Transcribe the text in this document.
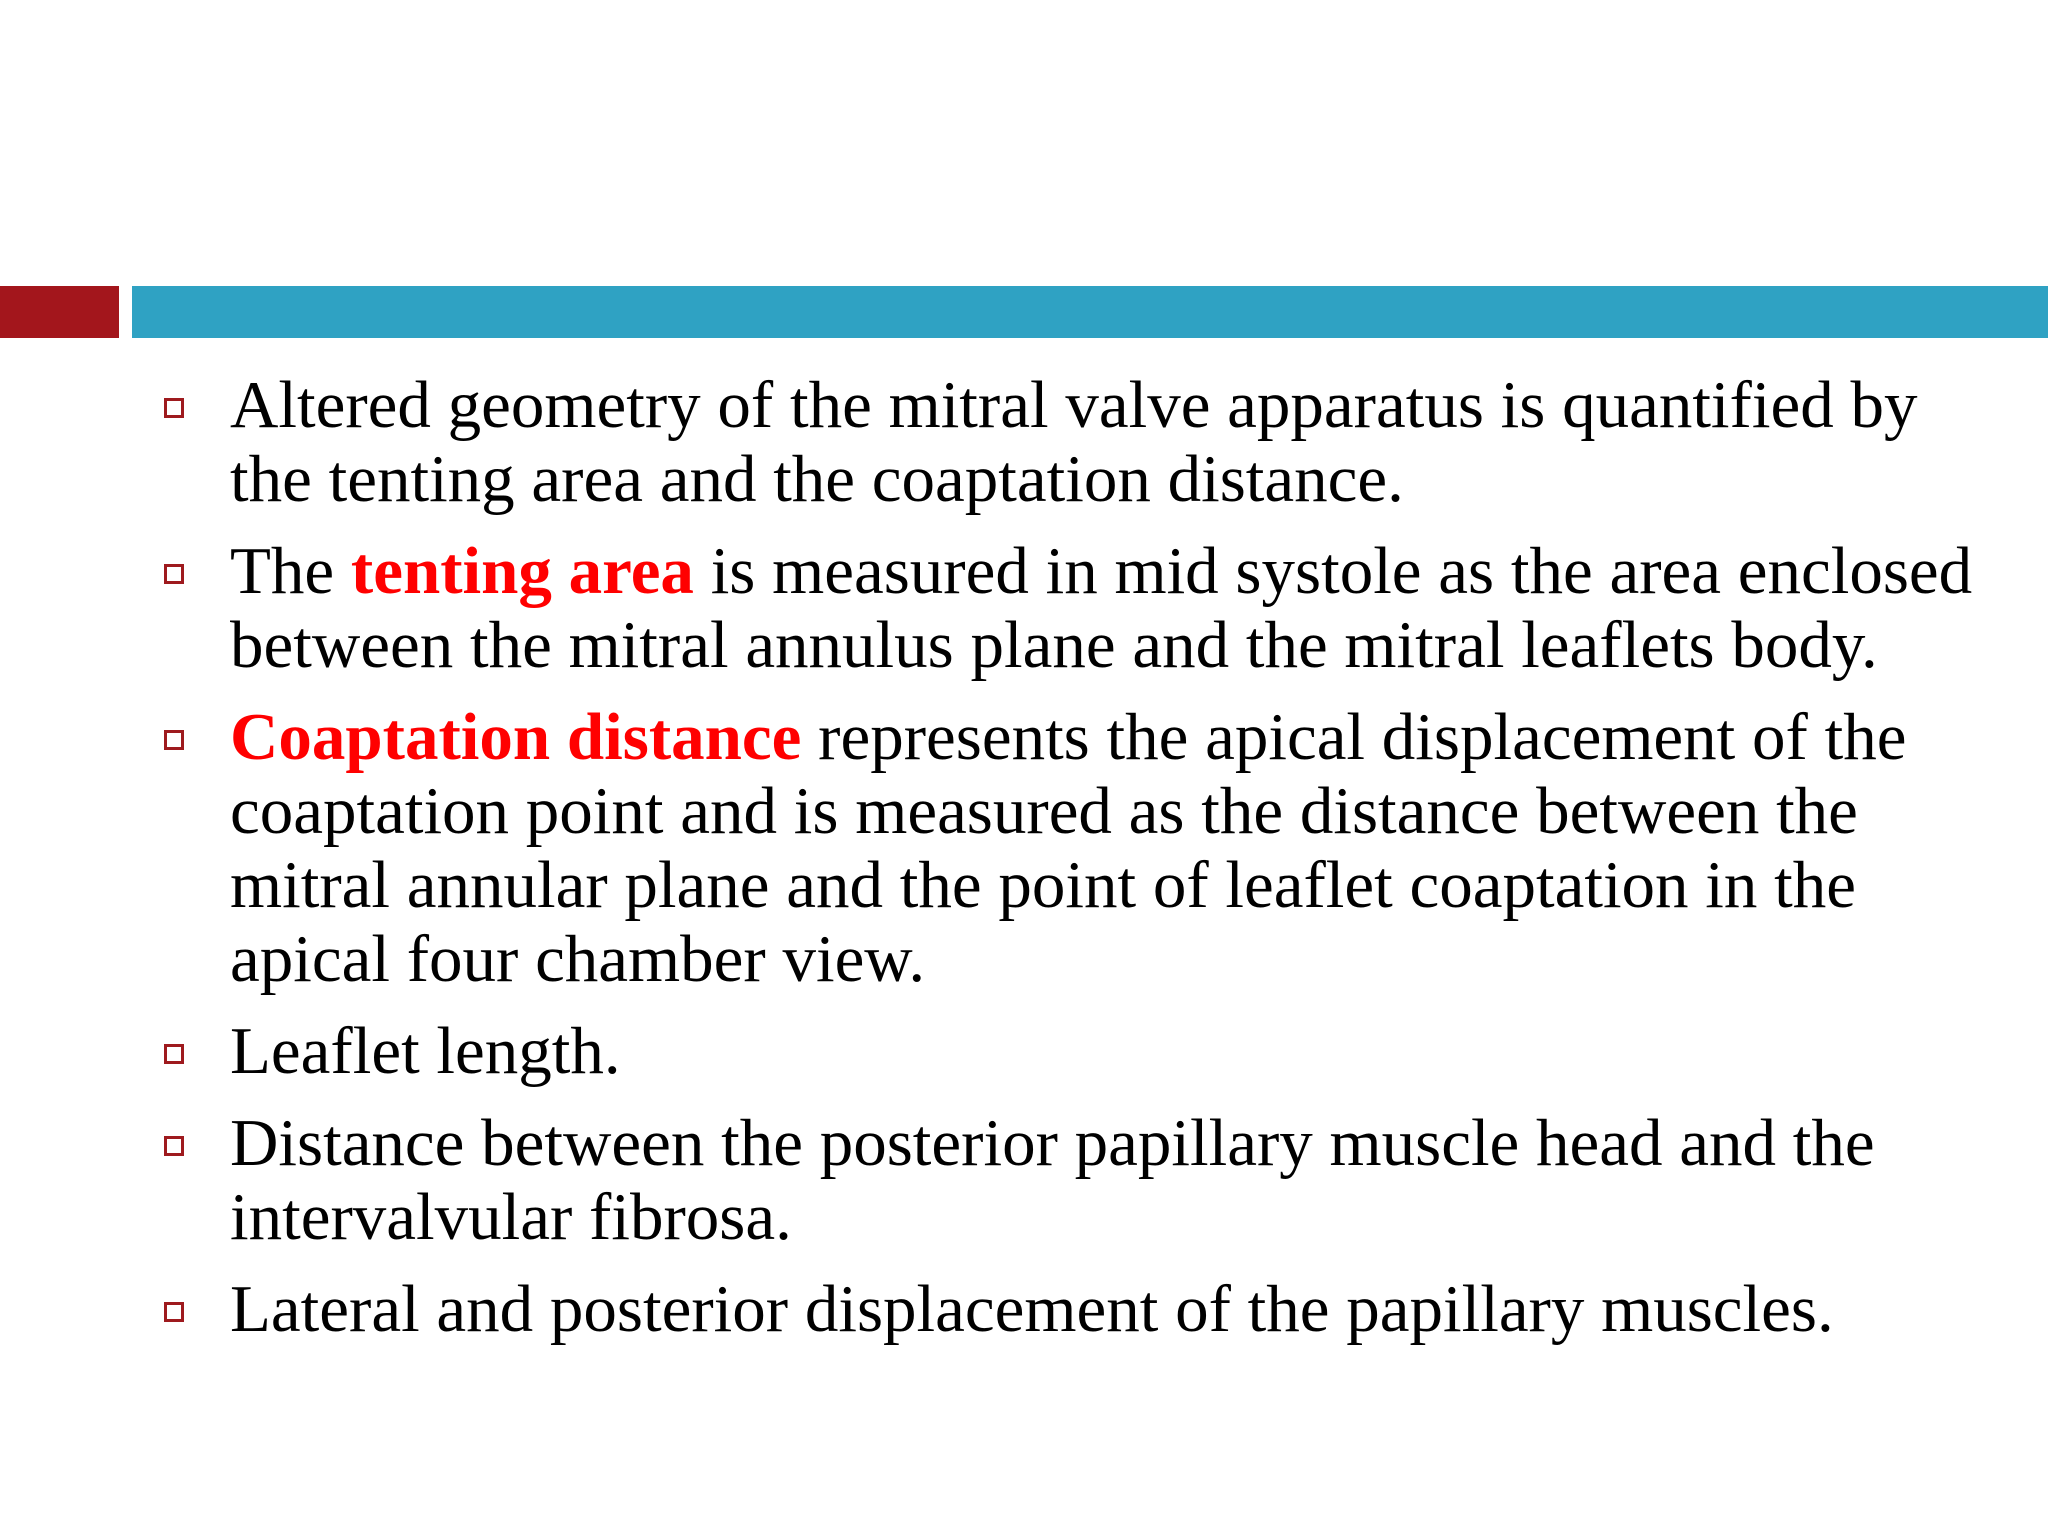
Altered geometry of the mitral valve apparatus is quantified by the tenting area and the coaptation distance.
The tenting area is measured in mid systole as the area enclosed between the mitral annulus plane and the mitral leaflets body.
Coaptation distance represents the apical displacement of the coaptation point and is measured as the distance between the mitral annular plane and the point of leaflet coaptation in the apical four chamber view.
Leaflet length.
Distance between the posterior papillary muscle head and the intervalvular fibrosa.
Lateral and posterior displacement of the papillary muscles.
